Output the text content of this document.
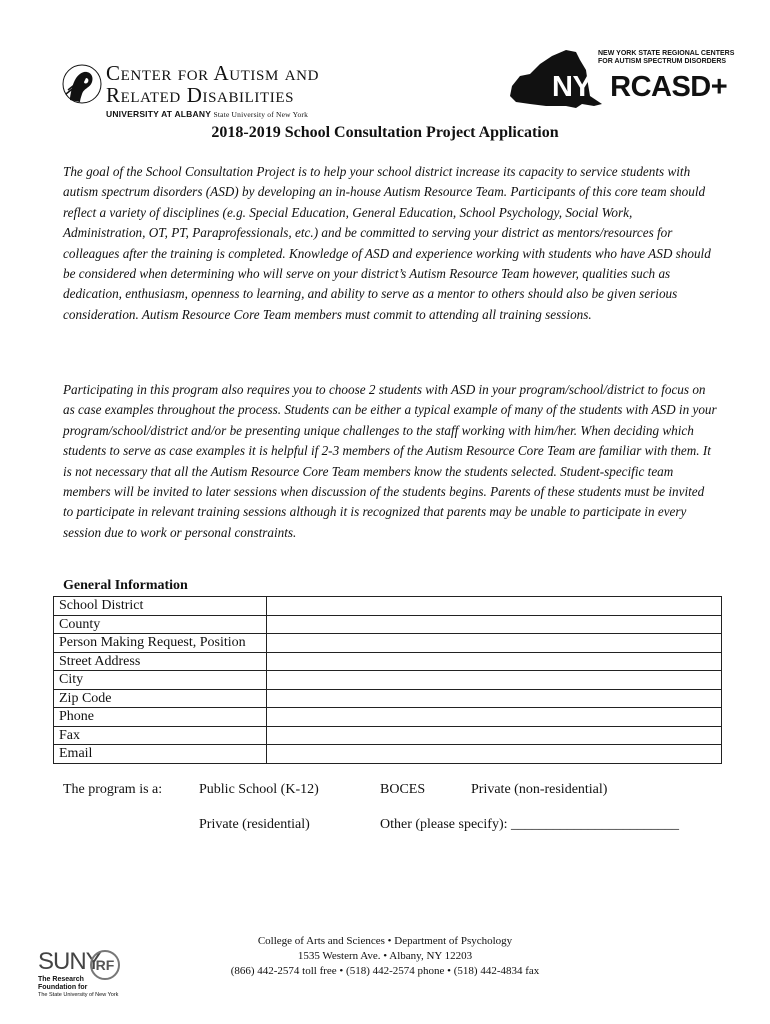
Center for Autism and
Related Disabilities
UNIVERSITY AT ALBANY State University of New York
NEW YORK STATE REGIONAL CENTERS
FOR AUTISM SPECTRUM DISORDERS
NYSRCASD+
2018-2019 School Consultation Project Application

The goal of the School Consultation Project is to help your school district increase its capacity to service students with autism spectrum disorders (ASD) by developing an in-house Autism Resource Team. Participants of this core team should reflect a variety of disciplines (e.g. Special Education, General Education, School Psychology, Social Work, Administration, OT, PT, Paraprofessionals, etc.) and be committed to serving your district as mentors/resources for colleagues after the training is completed. Knowledge of ASD and experience working with students who have ASD should be considered when determining who will serve on your district’s Autism Resource Team however, qualities such as dedication, enthusiasm, openness to learning, and ability to serve as a mentor to others should also be given serious consideration. Autism Resource Core Team members must commit to attending all training sessions.

Participating in this program also requires you to choose 2 students with ASD in your program/school/district to focus on as case examples throughout the process. Students can be either a typical example of many of the students with ASD in your program/school/district and/or be presenting unique challenges to the staff working with him/her. When deciding which students to serve as case examples it is helpful if 2-3 members of the Autism Resource Core Team are familiar with them. It is not necessary that all the Autism Resource Core Team members know the students selected. Student-specific team members will be invited to later sessions when discussion of the students begins. Parents of these students must be invited to participate in relevant training sessions although it is recognized that parents may be unable to participate in every session due to work or personal constraints.

General Information
School District	
County	
Person Making Request, Position	
Street Address	
City	
Zip Code	
Phone	
Fax	
Email	
The program is a:	Public School (K-12)	BOCES	Private (non-residential)
Private (residential)	Other (please specify): ________________________
College of Arts and Sciences • Department of Psychology
1535 Western Ave. • Albany, NY 12203
(866) 442-2574 toll free • (518) 442-2574 phone • (518) 442-4834 fax
SUNY
RF
The Research
Foundation for
The State University of New York
